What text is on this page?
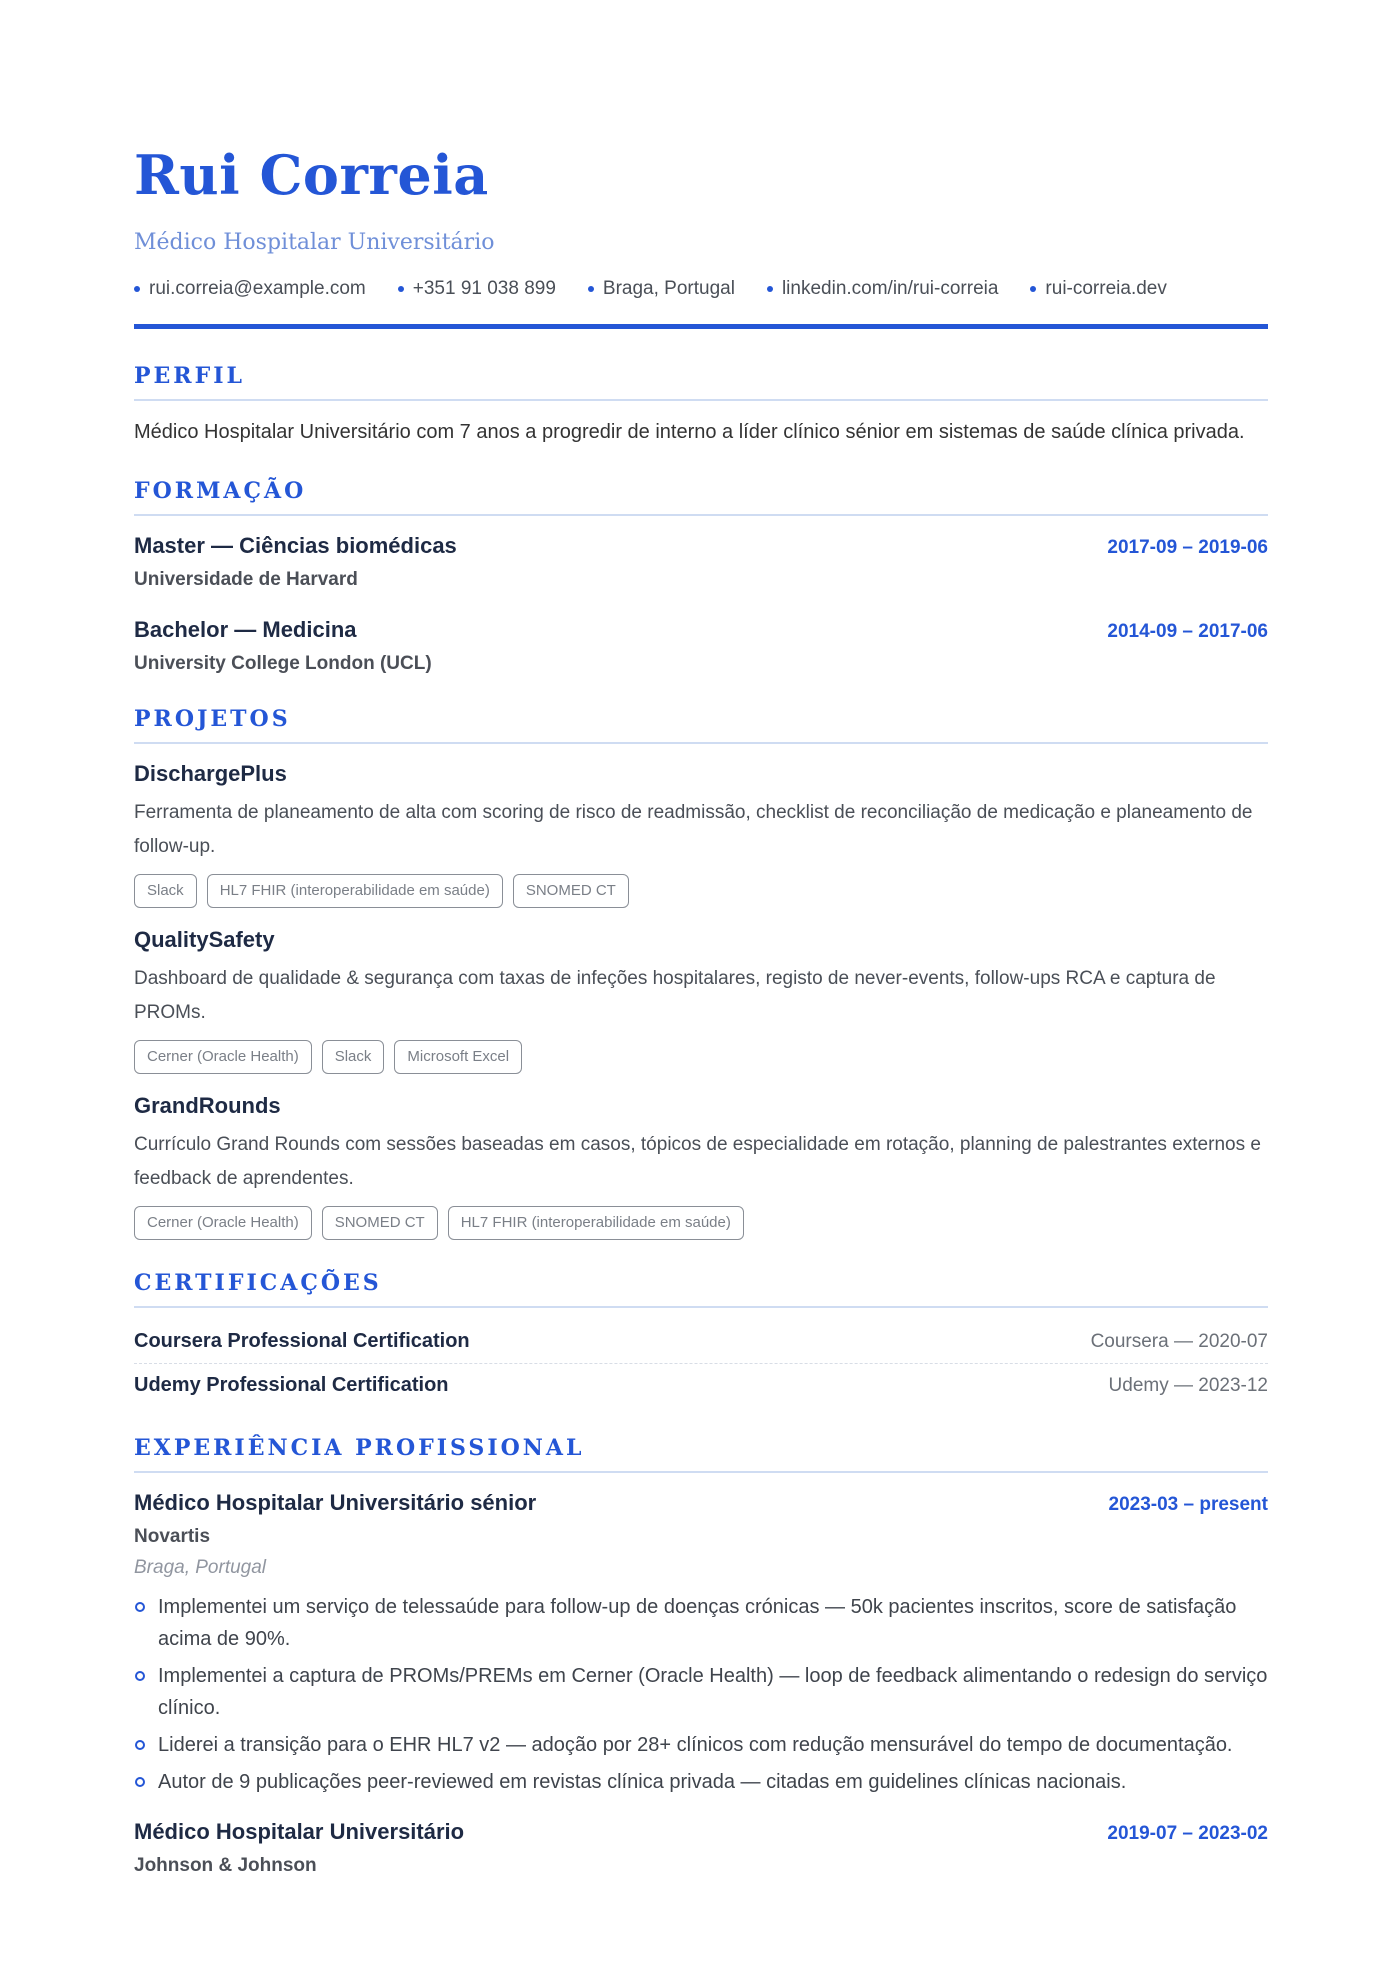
Rui Correia
Médico Hospitalar Universitário
rui.correia@example.com +351 91 038 899 Braga, Portugal linkedin.com/in/rui-correia rui-correia.dev
PERFIL
Médico Hospitalar Universitário com 7 anos a progredir de interno a líder clínico sénior em sistemas de saúde clínica privada.
FORMAÇÃO
Master — Ciências biomédicas	2017-09 – 2019-06
Universidade de Harvard
Bachelor — Medicina	2014-09 – 2017-06
University College London (UCL)
PROJETOS
DischargePlus
Ferramenta de planeamento de alta com scoring de risco de readmissão, checklist de reconciliação de medicação e planeamento de follow-up.
Slack	HL7 FHIR (interoperabilidade em saúde)	SNOMED CT
QualitySafety
Dashboard de qualidade & segurança com taxas de infeções hospitalares, registo de never-events, follow-ups RCA e captura de PROMs.
Cerner (Oracle Health)	Slack	Microsoft Excel
GrandRounds
Currículo Grand Rounds com sessões baseadas em casos, tópicos de especialidade em rotação, planning de palestrantes externos e feedback de aprendentes.
Cerner (Oracle Health)	SNOMED CT	HL7 FHIR (interoperabilidade em saúde)
CERTIFICAÇÕES
Coursera Professional Certification	Coursera — 2020-07
Udemy Professional Certification	Udemy — 2023-12
EXPERIÊNCIA PROFISSIONAL
Médico Hospitalar Universitário sénior	2023-03 – present
Novartis
Braga, Portugal
Implementei um serviço de telessaúde para follow-up de doenças crónicas — 50k pacientes inscritos, score de satisfação acima de 90%.
Implementei a captura de PROMs/PREMs em Cerner (Oracle Health) — loop de feedback alimentando o redesign do serviço clínico.
Liderei a transição para o EHR HL7 v2 — adoção por 28+ clínicos com redução mensurável do tempo de documentação.
Autor de 9 publicações peer-reviewed em revistas clínica privada — citadas em guidelines clínicas nacionais.
Médico Hospitalar Universitário	2019-07 – 2023-02
Johnson & Johnson
